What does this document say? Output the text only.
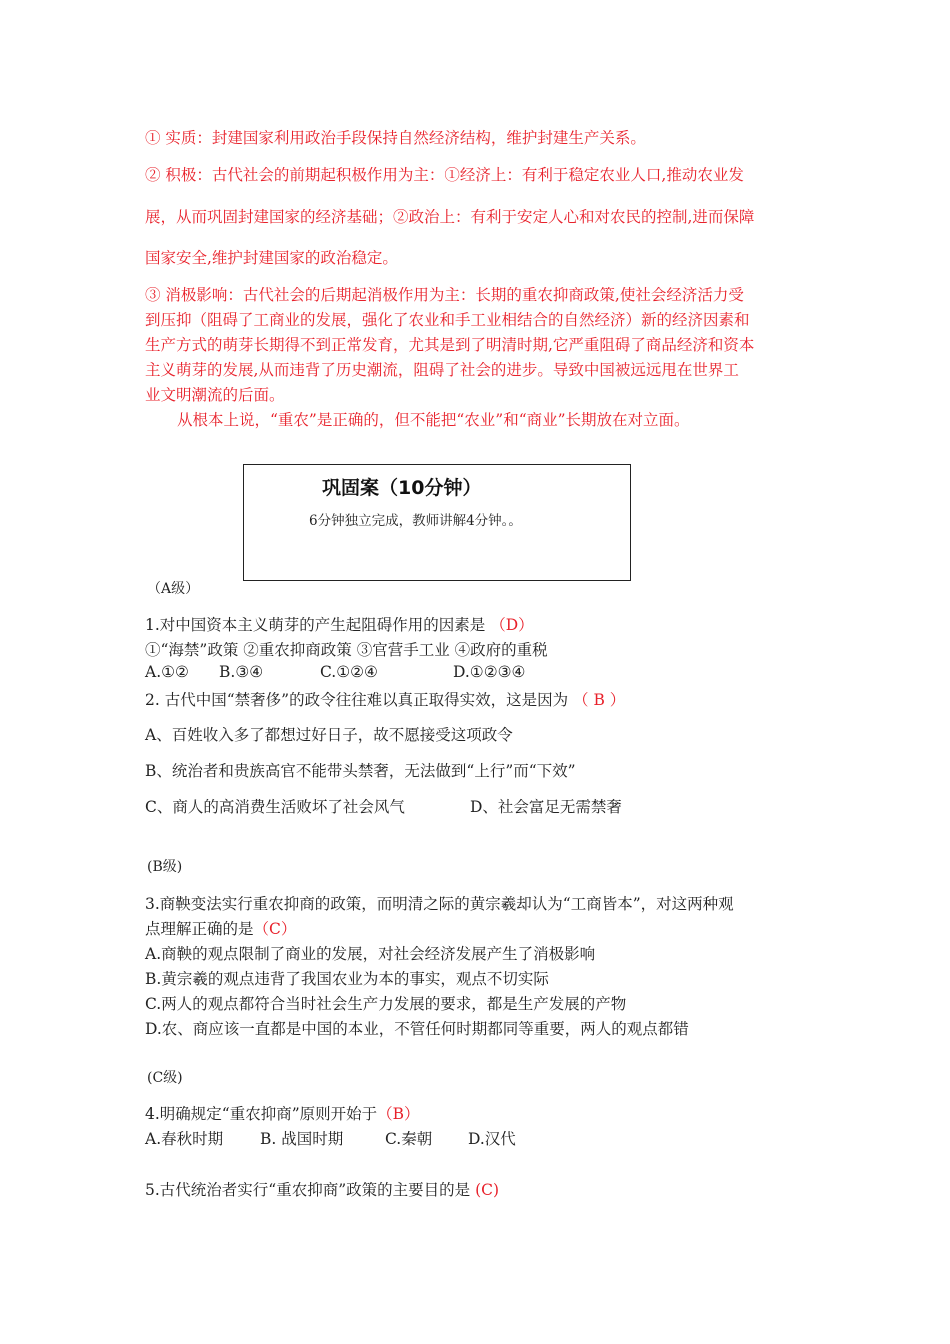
① 实质：封建国家利用政治手段保持自然经济结构，维护封建生产关系。
② 积极：古代社会的前期起积极作用为主：①经济上：有利于稳定农业人口,推动农业发
展，从而巩固封建国家的经济基础；②政治上：有利于安定人心和对农民的控制,进而保障
国家安全,维护封建国家的政治稳定。
③ 消极影响：古代社会的后期起消极作用为主：长期的重农抑商政策,使社会经济活力受
到压抑（阻碍了工商业的发展，强化了农业和手工业相结合的自然经济）新的经济因素和
生产方式的萌芽长期得不到正常发育，尤其是到了明清时期,它严重阻碍了商品经济和资本
主义萌芽的发展,从而违背了历史潮流，阻碍了社会的进步。导致中国被远远甩在世界工
业文明潮流的后面。
从根本上说，“重农”是正确的，但不能把“农业”和“商业”长期放在对立面。
巩固案（10分钟）
6分钟独立完成，教师讲解4分钟。。
（A级）
1.对中国资本主义萌芽的产生起阻碍作用的因素是 （D）
①“海禁”政策 ②重农抑商政策 ③官营手工业 ④政府的重税
A.①② B.③④	C.①②④	D.①②③④
2. 古代中国“禁奢侈”的政令往往难以真正取得实效，这是因为 （ B ）
A、百姓收入多了都想过好日子，故不愿接受这项政令
B、统治者和贵族高官不能带头禁奢，无法做到“上行”而“下效”
C、商人的高消费生活败坏了社会风气	D、社会富足无需禁奢
(B级)
3.商鞅变法实行重农抑商的政策，而明清之际的黄宗羲却认为“工商皆本”，对这两种观
点理解正确的是（C）
A.商鞅的观点限制了商业的发展，对社会经济发展产生了消极影响
B.黄宗羲的观点违背了我国农业为本的事实，观点不切实际
C.两人的观点都符合当时社会生产力发展的要求，都是生产发展的产物
D.农、商应该一直都是中国的本业，不管任何时期都同等重要，两人的观点都错
(C级)
4.明确规定“重农抑商”原则开始于（B）
A.春秋时期 B. 战国时期	C.秦朝 D.汉代
5.古代统治者实行“重农抑商”政策的主要目的是 (C)
